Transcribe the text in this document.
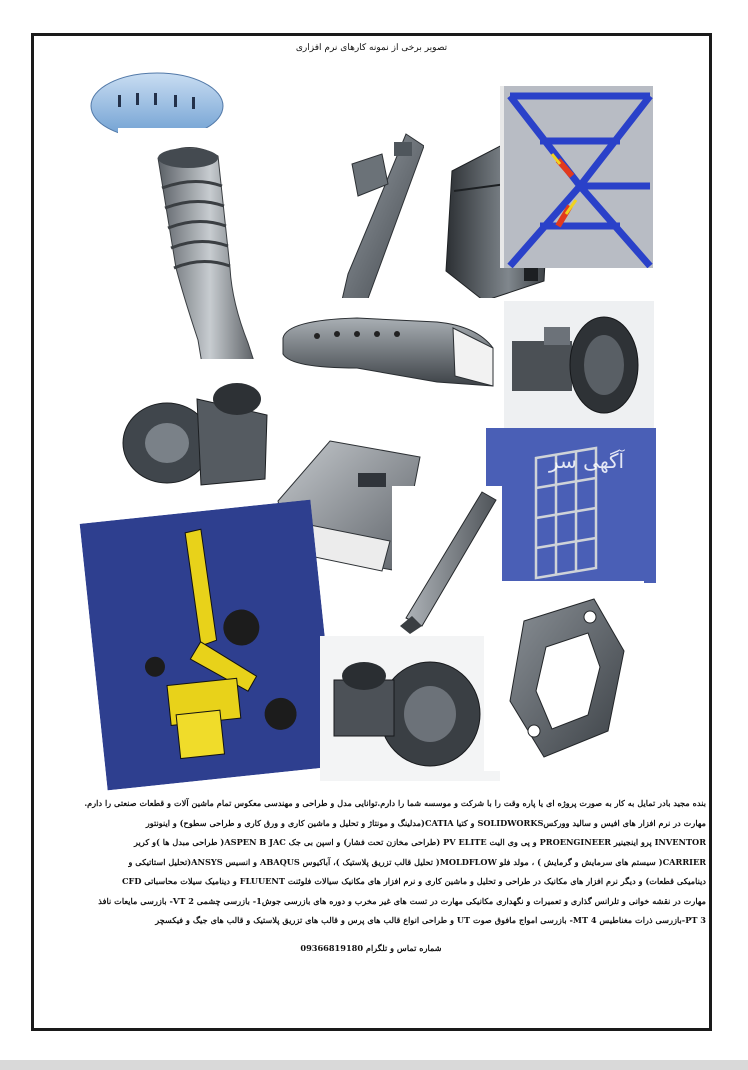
تصویر برخی از نمونه کارهای نرم افزاری
آگهی سر

بنده مجید بادر تمایل به کار به صورت پروژه ای یا پاره وقت را با شرکت و موسسه شما را دارم.توانایی مدل و طراحی و مهندسی معکوس تمام ماشین آلات و قطعات صنعتی را دارم.

مهارت در نرم افزار های افیس و سالید وورکسSOLIDWORKS و کتیا CATIA(مدلینگ و مونتاژ و تحلیل و ماشین کاری و ورق کاری و طراحی سطوح) و اینونتور

INVENTOR پرو اینجینیر PROENGINEER و پی وی الیت PV ELITE (طراحی مخازن تحت فشار) و اسپن بی جک ASPEN B JAC( طراحی مبدل ها )و کریر

CARRIER( سیستم های سرمایش و گرمایش ) ، مولد فلو MOLDFLOW( تحلیل قالب تزریق پلاستیک )، آباکیوس ABAQUS و انسیس ANSYS(تحلیل استاتیکی و

دینامیکی قطعات) و دیگر نرم افزار های مکانیک در طراحی و تحلیل و ماشین کاری و نرم افزار های مکانیک سیالات فلوئنت FLUUENT و دینامیک سیلات محاسباتی CFD

مهارت در نقشه خوانی و تلرانس گذاری و تعمیرات و نگهداری مکانیکی مهارت در تست های غیر مخرب و دوره های بازرسی جوش1- بازرسی چشمی VT 2- بازرسی مایعات نافذ

PT 3-بازرسی ذرات مغناطیس MT 4- بازرسی امواج مافوق صوت UT و طراحی انواع قالب های پرس و قالب های تزریق پلاستیک و قالب های جیگ و فیکسچر

شماره تماس و تلگرام 09366819180
